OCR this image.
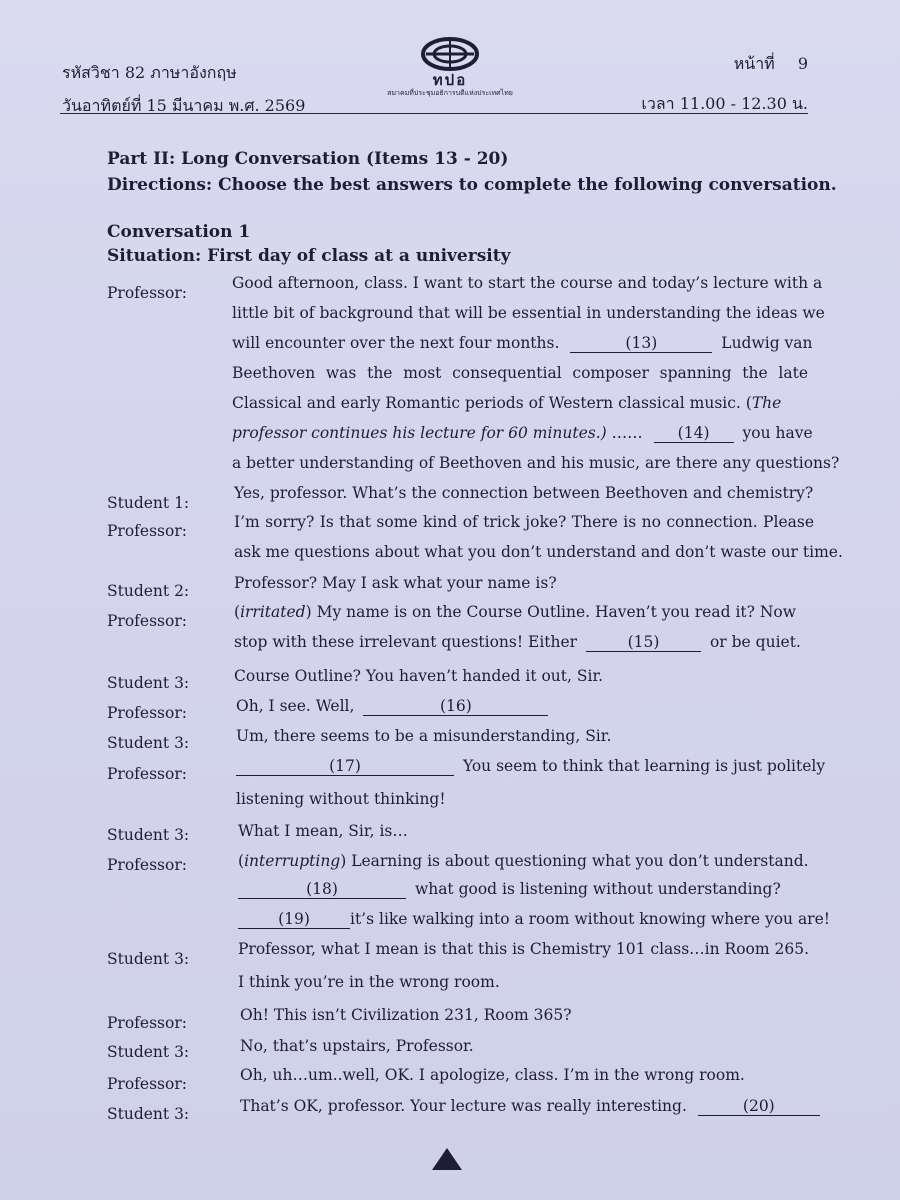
รหัสวิชา 82 ภาษาอังกฤษ
วันอาทิตย์ที่ 15 มีนาคม พ.ศ. 2569
ทปอ
สมาคมที่ประชุมอธิการบดีแห่งประเทศไทย
หน้าที่ 9
เวลา 11.00 - 12.30 น.
Part II: Long Conversation (Items 13 - 20)
Directions: Choose the best answers to complete the following conversation.
Conversation 1
Situation: First day of class at a university
Professor:
Good afternoon, class. I want to start the course and today’s lecture with a
little bit of background that will be essential in understanding the ideas we
will encounter over the next four months.	(13)	Ludwig van
Beethoven was the most consequential composer spanning the late
Classical and early Romantic periods of Western classical music. (The
professor continues his lecture for 60 minutes.) …… (14) you have
a better understanding of Beethoven and his music, are there any questions?
Student 1:
Yes, professor. What’s the connection between Beethoven and chemistry?
Professor:	I’m sorry? Is that some kind of trick joke? There is no connection. Please
ask me questions about what you don’t understand and don’t waste our time.
Student 2:	Professor? May I ask what your name is?
Professor:	(irritated) My name is on the Course Outline. Haven’t you read it? Now
stop with these irrelevant questions! Either	(15)	or be quiet.
Student 3:	Course Outline? You haven’t handed it out, Sir.
Professor:	Oh, I see. Well,	(16)
Student 3:	Um, there seems to be a misunderstanding, Sir.
Professor:	(17)	You seem to think that learning is just politely
listening without thinking!
Student 3:	What I mean, Sir, is…
Professor:	(interrupting) Learning is about questioning what you don’t understand.
(18)	what good is listening without understanding?
(19)	it’s like walking into a room without knowing where you are!
Student 3:
Professor, what I mean is that this is Chemistry 101 class…in Room 265.
I think you’re in the wrong room.
Professor:	Oh! This isn’t Civilization 231, Room 365?
Student 3:	No, that’s upstairs, Professor.
Professor:	Oh, uh…um..well, OK. I apologize, class. I’m in the wrong room.
Student 3:	That’s OK, professor. Your lecture was really interesting.	(20)
